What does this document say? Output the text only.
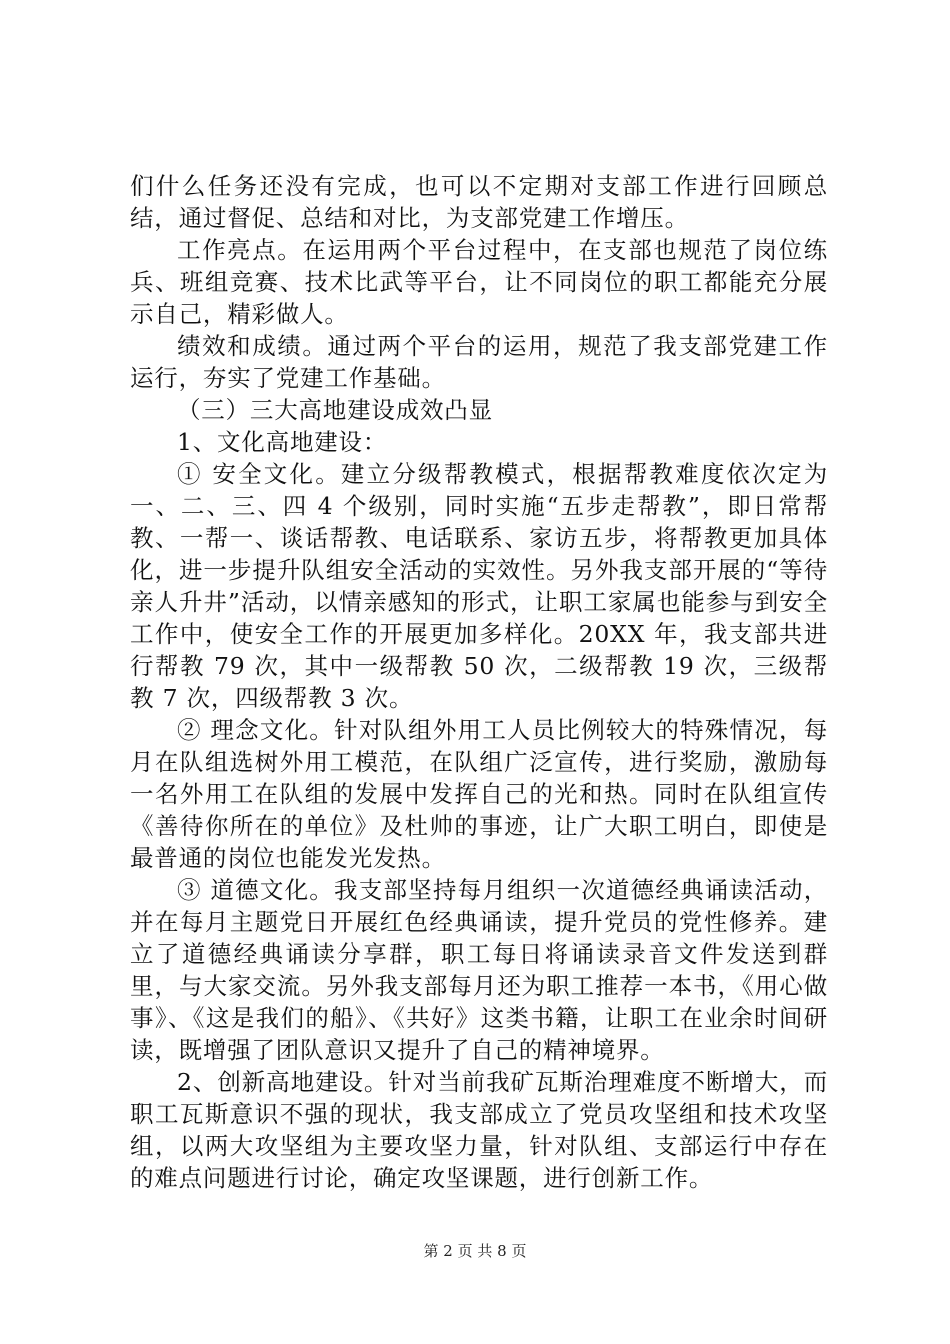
们什么任务还没有完成，也可以不定期对支部工作进行回顾总结，通过督促、总结和对比，为支部党建工作增压。

工作亮点。在运用两个平台过程中，在支部也规范了岗位练兵、班组竞赛、技术比武等平台，让不同岗位的职工都能充分展示自己，精彩做人。

绩效和成绩。通过两个平台的运用，规范了我支部党建工作运行，夯实了党建工作基础。

（三）三大高地建设成效凸显

1、文化高地建设：

① 安全文化。建立分级帮教模式，根据帮教难度依次定为一、二、三、四 4 个级别，同时实施“五步走帮教”，即日常帮教、一帮一、谈话帮教、电话联系、家访五步，将帮教更加具体化，进一步提升队组安全活动的实效性。另外我支部开展的“等待亲人升井”活动，以情亲感知的形式，让职工家属也能参与到安全工作中，使安全工作的开展更加多样化。20XX 年，我支部共进行帮教 79 次，其中一级帮教 50 次，二级帮教 19 次，三级帮教 7 次，四级帮教 3 次。

② 理念文化。针对队组外用工人员比例较大的特殊情况，每月在队组选树外用工模范，在队组广泛宣传，进行奖励，激励每一名外用工在队组的发展中发挥自己的光和热。同时在队组宣传《善待你所在的单位》及杜帅的事迹，让广大职工明白，即使是最普通的岗位也能发光发热。

③ 道德文化。我支部坚持每月组织一次道德经典诵读活动，并在每月主题党日开展红色经典诵读，提升党员的党性修养。建立了道德经典诵读分享群，职工每日将诵读录音文件发送到群里，与大家交流。另外我支部每月还为职工推荐一本书，《用心做事》、《这是我们的船》、《共好》这类书籍，让职工在业余时间研读，既增强了团队意识又提升了自己的精神境界。

2、创新高地建设。针对当前我矿瓦斯治理难度不断增大，而职工瓦斯意识不强的现状，我支部成立了党员攻坚组和技术攻坚组，以两大攻坚组为主要攻坚力量，针对队组、支部运行中存在的难点问题进行讨论，确定攻坚课题，进行创新工作。

第 2 页 共 8 页
